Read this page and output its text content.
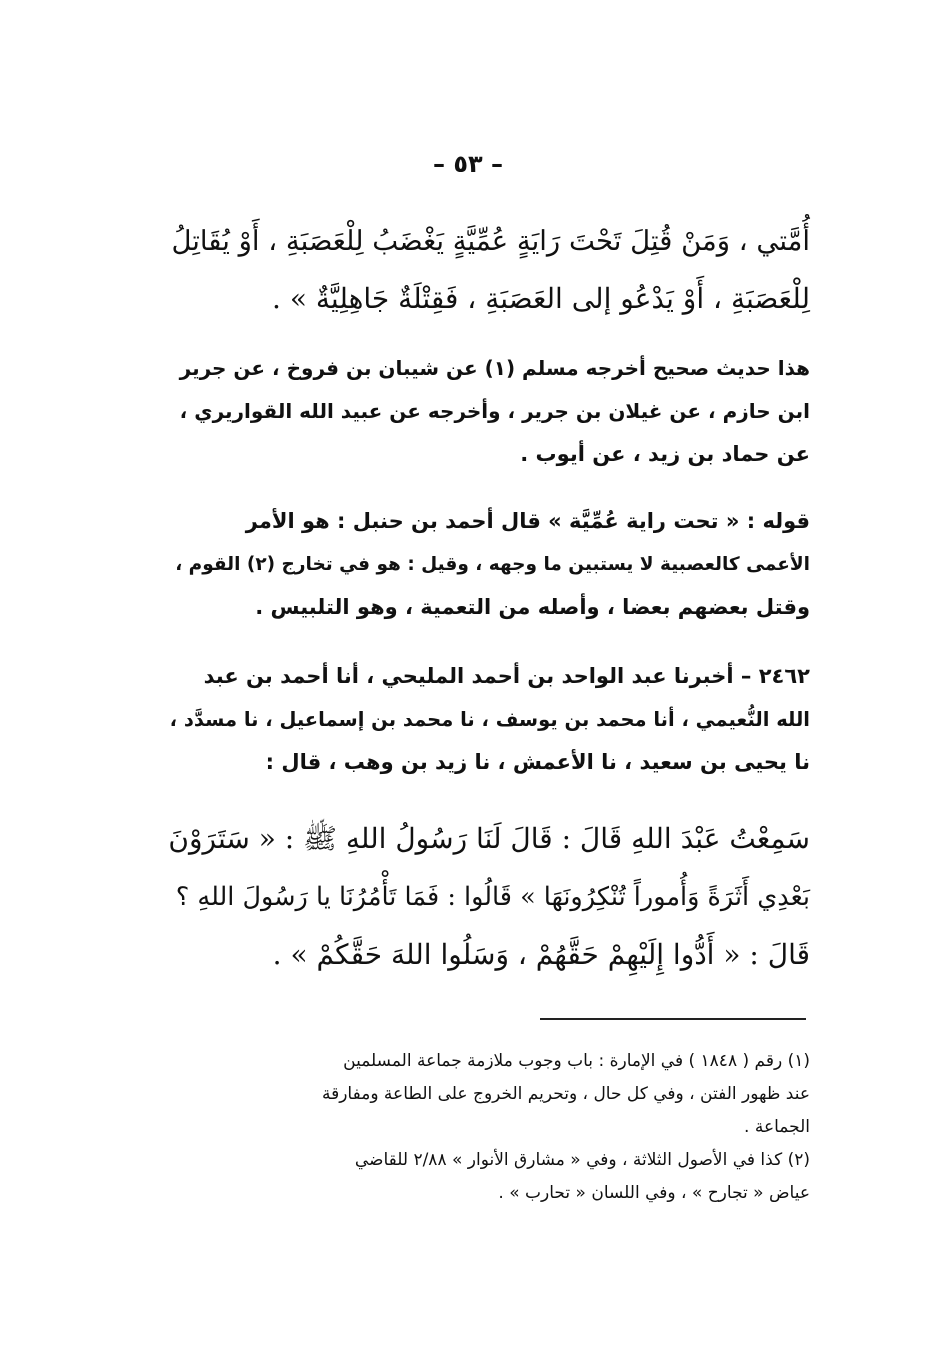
– ٥٣ –
أُمَّتي ، وَمَنْ قُتِلَ تَحْتَ رَايَةٍ عُمِّيَّةٍ يَغْضَبُ لِلْعَصَبَةِ ، أَوْ يُقَاتِلُ
لِلْعَصَبَةِ ، أَوْ يَدْعُو إلى العَصَبَةِ ، فَقِتْلَةٌ جَاهِلِيَّةٌ » .
هذا حديث صحيح أخرجه مسلم (١) عن شيبان بن فروخ ، عن جرير
ابن حازم ، عن غيلان بن جرير ، وأخرجه عن عبيد الله القواريري ،
عن حماد بن زيد ، عن أيوب .
قوله : « تحت راية عُمِّيَّة » قال أحمد بن حنبل : هو الأمر
الأعمى كالعصبية لا يستبين ما وجهه ، وقيل : هو في تخارج (٢) القوم ،
وقتل بعضهم بعضا ، وأصله من التعمية ، وهو التلبيس .
٢٤٦٢ – أخبرنا عبد الواحد بن أحمد المليحي ، أنا أحمد بن عبد
الله النُّعيمي ، أنا محمد بن يوسف ، نا محمد بن إسماعيل ، نا مسدَّد ،
نا يحيى بن سعيد ، نا الأعمش ، نا زيد بن وهب ، قال :
سَمِعْتُ عَبْدَ اللهِ قَالَ : قَالَ لَنَا رَسُولُ اللهِ ﷺ : « سَتَرَوْنَ
بَعْدِي أَثَرَةً وَأُموراً تُنْكِرُونَهَا » قَالُوا : فَمَا تَأْمُرُنَا يا رَسُولَ اللهِ ؟
قَالَ : « أَدُّوا إِلَيْهِمْ حَقَّهُمْ ، وَسَلُوا اللهَ حَقَّكُمْ » .
(١) رقم ( ١٨٤٨ ) في الإمارة : باب وجوب ملازمة جماعة المسلمين
عند ظهور الفتن ، وفي كل حال ، وتحريم الخروج على الطاعة ومفارقة
الجماعة .
(٢) كذا في الأصول الثلاثة ، وفي « مشارق الأنوار » ٢/٨٨ للقاضي
عياض « تجارح » ، وفي اللسان « تحارب » .
